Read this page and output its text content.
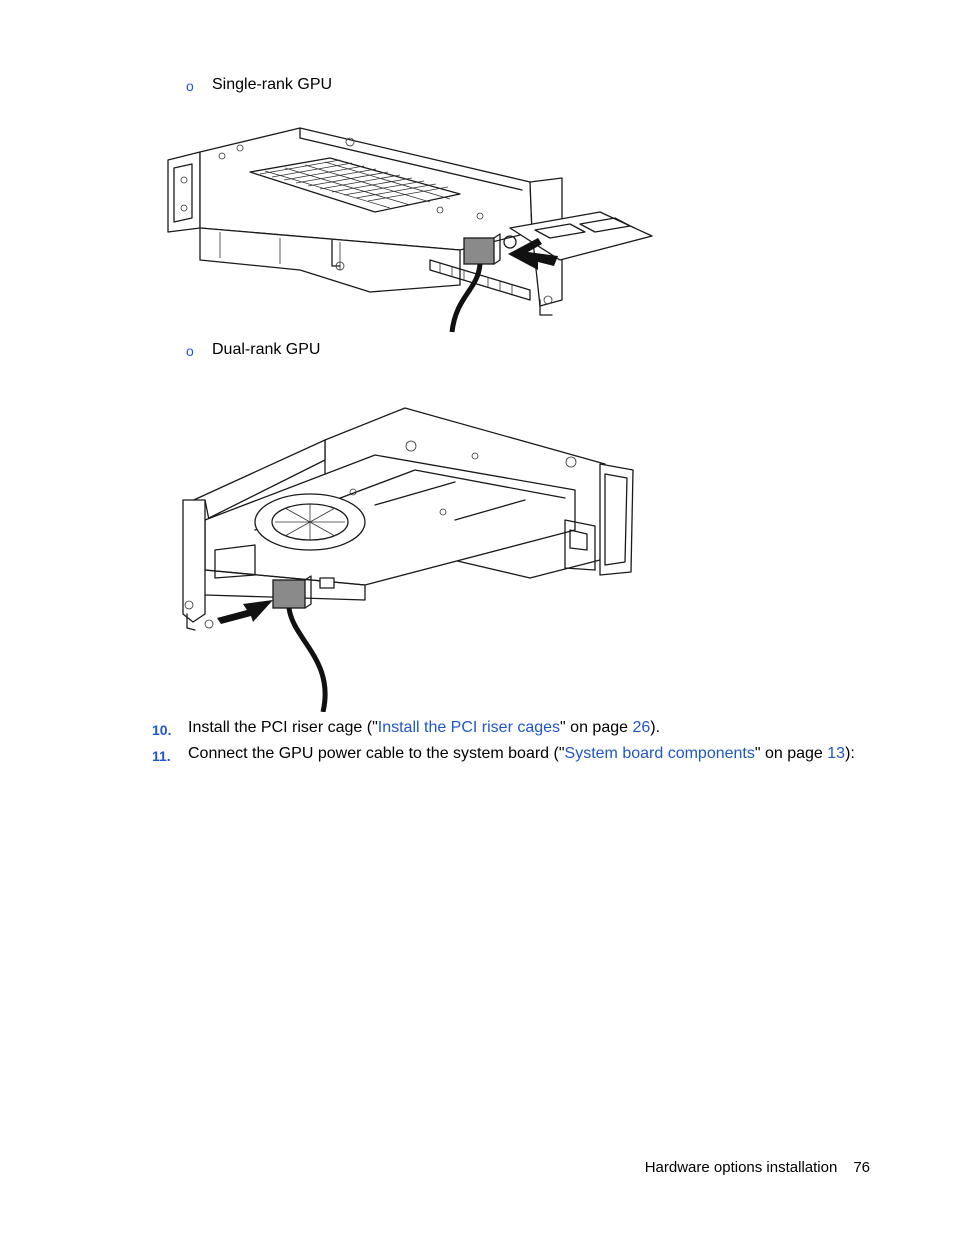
o Single-rank GPU
o Dual-rank GPU
10. Install the PCI riser cage ("Install the PCI riser cages" on page 26).
11. Connect the GPU power cable to the system board ("System board components" on page 13):
Hardware options installation 76
